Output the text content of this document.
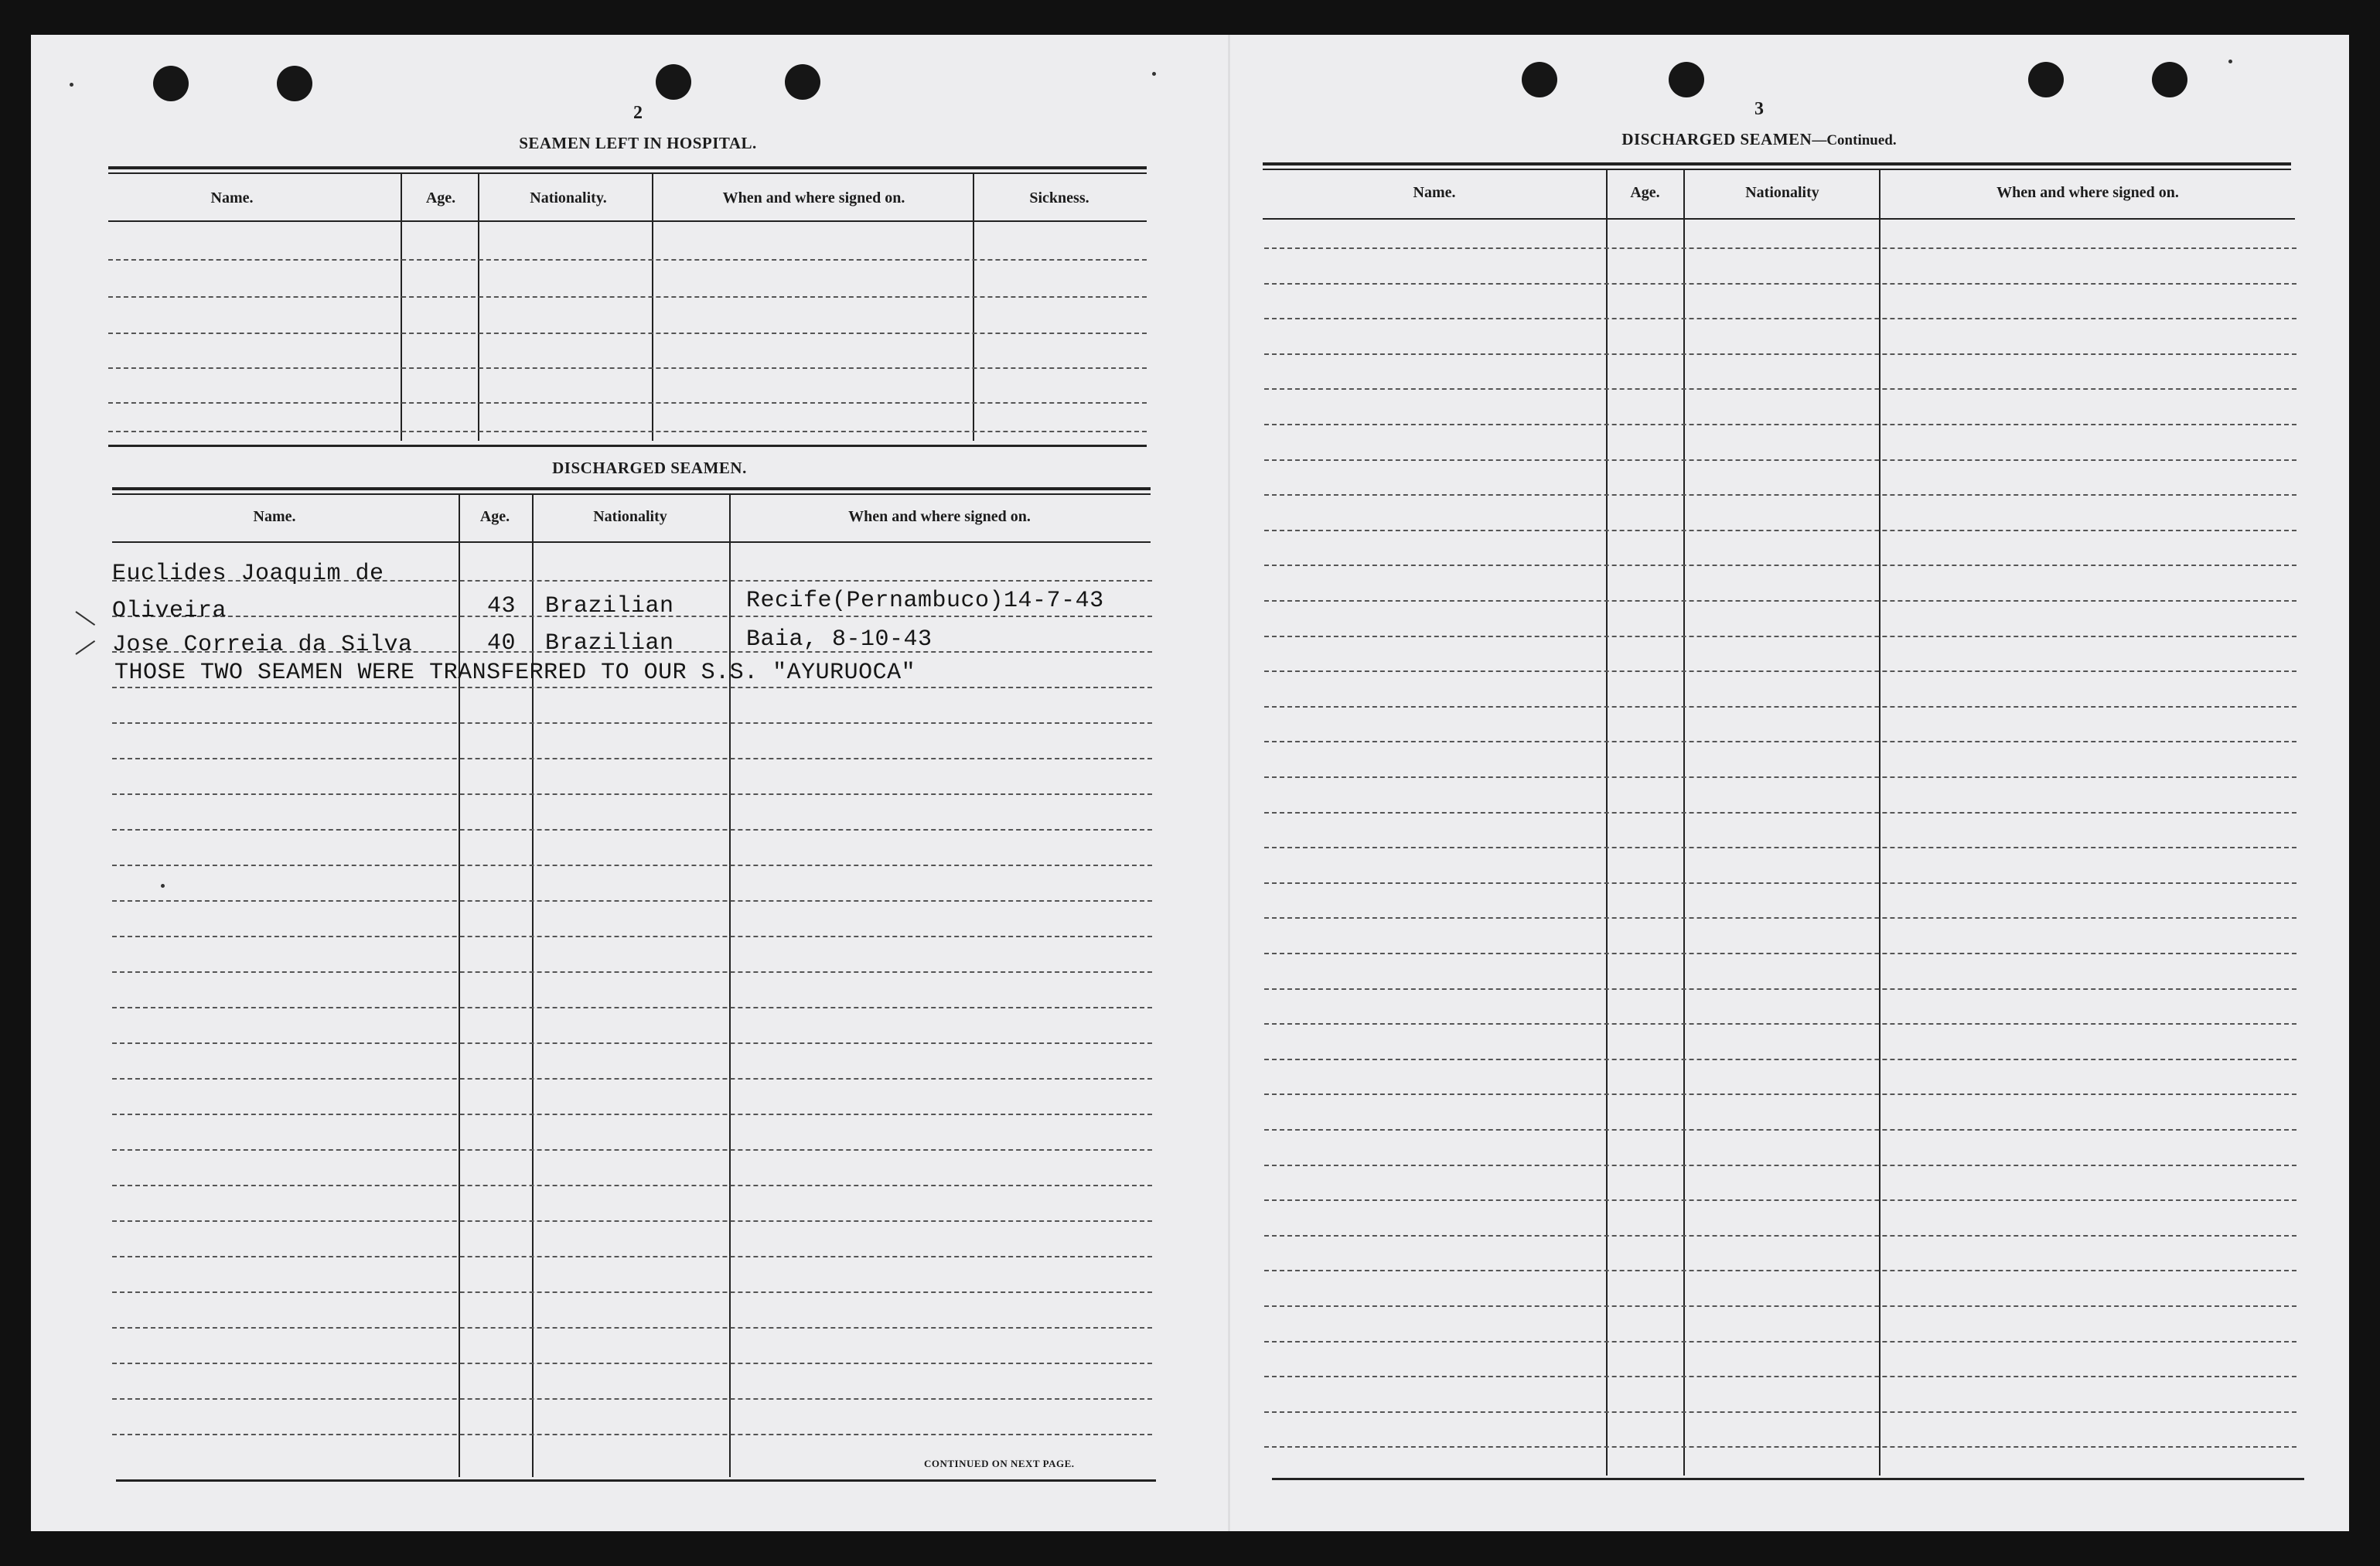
2
SEAMEN LEFT IN HOSPITAL.
Name.	Age.	Nationality.	When and where signed on.	Sickness.
DISCHARGED SEAMEN.
Name.	Age.	Nationality	When and where signed on.
CONTINUED ON NEXT PAGE.
Euclides Joaquim de
Oliveira	43 Brazilian	Recife(Pernambuco)14-7-43
Jose Correia da Silva	40 Brazilian	Baia, 8-10-43
THOSE TWO SEAMEN WERE TRANSFERRED TO OUR S.S. "AYURUOCA"
3
DISCHARGED SEAMEN—Continued.
Name.	Age.	Nationality	When and where signed on.
